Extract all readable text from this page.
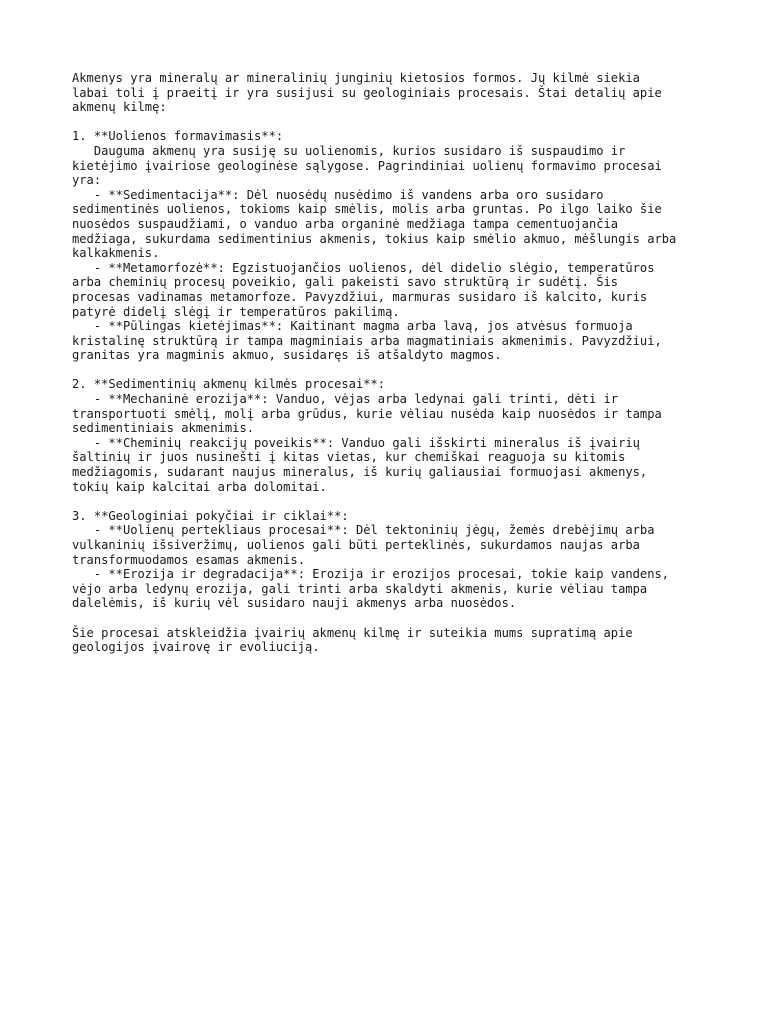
Akmenys yra mineralų ar mineralinių junginių kietosios formos. Jų kilmė siekia
labai toli į praeitį ir yra susijusi su geologiniais procesais. Štai detalių apie
akmenų kilmę:

1. **Uolienos formavimasis**:
Dauguma akmenų yra susiję su uolienomis, kurios susidaro iš suspaudimo ir
kietėjimo įvairiose geologinėse sąlygose. Pagrindiniai uolienų formavimo procesai
yra:
- **Sedimentacija**: Dėl nuosėdų nusėdimo iš vandens arba oro susidaro
sedimentinės uolienos, tokioms kaip smėlis, molis arba gruntas. Po ilgo laiko šie
nuosėdos suspaudžiami, o vanduo arba organinė medžiaga tampa cementuojančia
medžiaga, sukurdama sedimentinius akmenis, tokius kaip smėlio akmuo, mėšlungis arba
kalkakmenis.
- **Metamorfozė**: Egzistuojančios uolienos, dėl didelio slėgio, temperatūros
arba cheminių procesų poveikio, gali pakeisti savo struktūrą ir sudėtį. Šis
procesas vadinamas metamorfoze. Pavyzdžiui, marmuras susidaro iš kalcito, kuris
patyrė didelį slėgį ir temperatūros pakilimą.
- **Pūlingas kietėjimas**: Kaitinant magma arba lavą, jos atvėsus formuoja
kristalinę struktūrą ir tampa magminiais arba magmatiniais akmenimis. Pavyzdžiui,
granitas yra magminis akmuo, susidaręs iš atšaldyto magmos.

2. **Sedimentinių akmenų kilmės procesai**:
- **Mechaninė erozija**: Vanduo, vėjas arba ledynai gali trinti, dėti ir
transportuoti smėlį, molį arba grūdus, kurie vėliau nusėda kaip nuosėdos ir tampa
sedimentiniais akmenimis.
- **Cheminių reakcijų poveikis**: Vanduo gali išskirti mineralus iš įvairių
šaltinių ir juos nusinešti į kitas vietas, kur chemiškai reaguoja su kitomis
medžiagomis, sudarant naujus mineralus, iš kurių galiausiai formuojasi akmenys,
tokių kaip kalcitai arba dolomitai.

3. **Geologiniai pokyčiai ir ciklai**:
- **Uolienų pertekliaus procesai**: Dėl tektoninių jėgų, žemės drebėjimų arba
vulkaninių išsiveržimų, uolienos gali būti perteklinės, sukurdamos naujas arba
transformuodamos esamas akmenis.
- **Erozija ir degradacija**: Erozija ir erozijos procesai, tokie kaip vandens,
vėjo arba ledynų erozija, gali trinti arba skaldyti akmenis, kurie vėliau tampa
dalelėmis, iš kurių vėl susidaro nauji akmenys arba nuosėdos.

Šie procesai atskleidžia įvairių akmenų kilmę ir suteikia mums supratimą apie
geologijos įvairovę ir evoliuciją.
